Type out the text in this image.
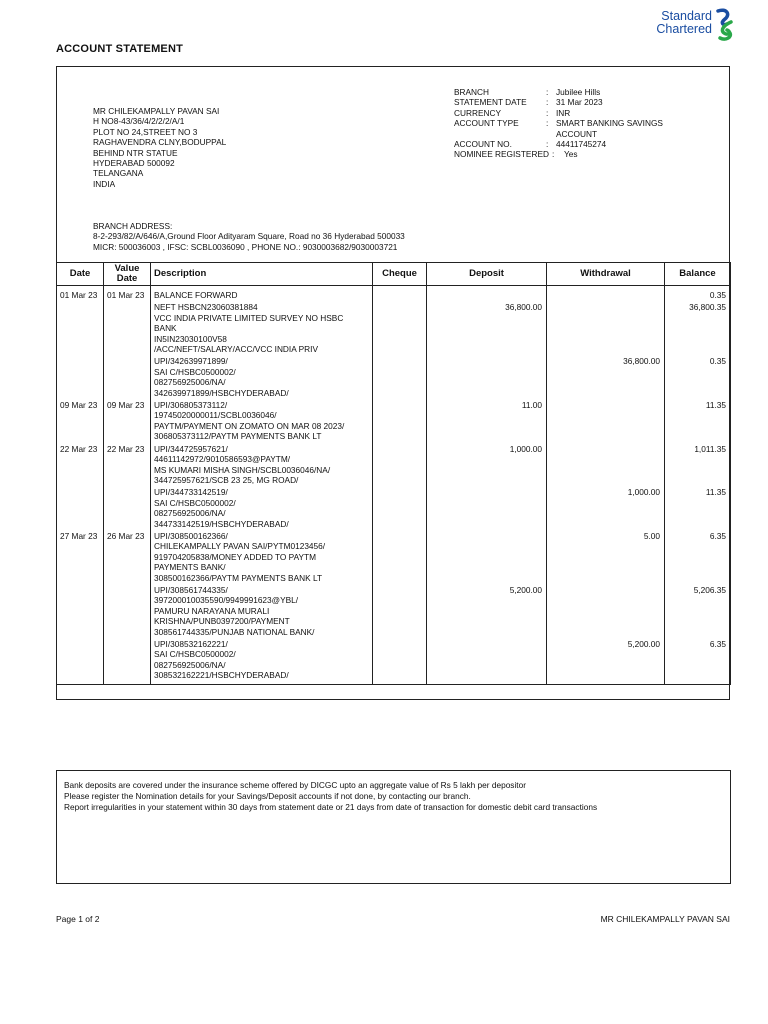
Standard
Chartered
ACCOUNT STATEMENT
MR CHILEKAMPALLY PAVAN SAI
H NO8-43/36/4/2/2/2/A/1
PLOT NO 24,STREET NO 3
RAGHAVENDRA CLNY,BODUPPAL
BEHIND NTR STATUE
HYDERABAD 500092
TELANGANA
INDIA
BRANCH	: Jubilee Hills
STATEMENT DATE	: 31 Mar 2023
CURRENCY	: INR
ACCOUNT TYPE	: SMART BANKING SAVINGS ACCOUNT
ACCOUNT NO.	: 44411745274
NOMINEE REGISTERED :	Yes
BRANCH ADDRESS:
8-2-293/82/A/646/A,Ground Floor Adityaram Square, Road no 36 Hyderabad 500033
MICR: 500036003 , IFSC: SCBL0036090 , PHONE NO.: 9030003682/9030003721
Date	Value Date	Description	Cheque	Deposit	Withdrawal	Balance
01 Mar 23	01 Mar 23	BALANCE FORWARD				0.35

		NEFT HSBCN23060381884
VCC INDIA PRIVATE LIMITED SURVEY NO HSBC
BANK
IN5IN23030100V58
/ACC/NEFT/SALARY/ACC/VCC INDIA PRIV		36,800.00		36,800.35

		UPI/342639971899/
SAI C/HSBC0500002/
082756925006/NA/
342639971899/HSBCHYDERABAD/			36,800.00	0.35
09 Mar 23	09 Mar 23	UPI/306805373112/
19745020000011/SCBL0036046/
PAYTM/PAYMENT ON ZOMATO ON MAR 08 2023/
306805373112/PAYTM PAYMENTS BANK LT		11.00		11.35
22 Mar 23	22 Mar 23	UPI/344725957621/
44611142972/9010586593@PAYTM/
MS KUMARI MISHA SINGH/SCBL0036046/NA/
344725957621/SCB 23 25, MG ROAD/		1,000.00		1,011.35

		UPI/344733142519/
SAI C/HSBC0500002/
082756925006/NA/
344733142519/HSBCHYDERABAD/			1,000.00	11.35
27 Mar 23	26 Mar 23	UPI/308500162366/
CHILEKAMPALLY PAVAN SAI/PYTM0123456/
919704205838/MONEY ADDED TO PAYTM
PAYMENTS BANK/
308500162366/PAYTM PAYMENTS BANK LT			5.00	6.35

		UPI/308561744335/
397200010035590/9949991623@YBL/
PAMURU NARAYANA MURALI
KRISHNA/PUNB0397200/PAYMENT
308561744335/PUNJAB NATIONAL BANK/		5,200.00		5,206.35

		UPI/308532162221/
SAI C/HSBC0500002/
082756925006/NA/
308532162221/HSBCHYDERABAD/			5,200.00	6.35
Bank deposits are covered under the insurance scheme offered by DICGC upto an aggregate value of Rs 5 lakh per depositor
Please register the Nomination details for your Savings/Deposit accounts if not done, by contacting our branch.
Report irregularities in your statement within 30 days from statement date or 21 days from date of transaction for domestic debit card transactions
Page 1 of 2	MR CHILEKAMPALLY PAVAN SAI
